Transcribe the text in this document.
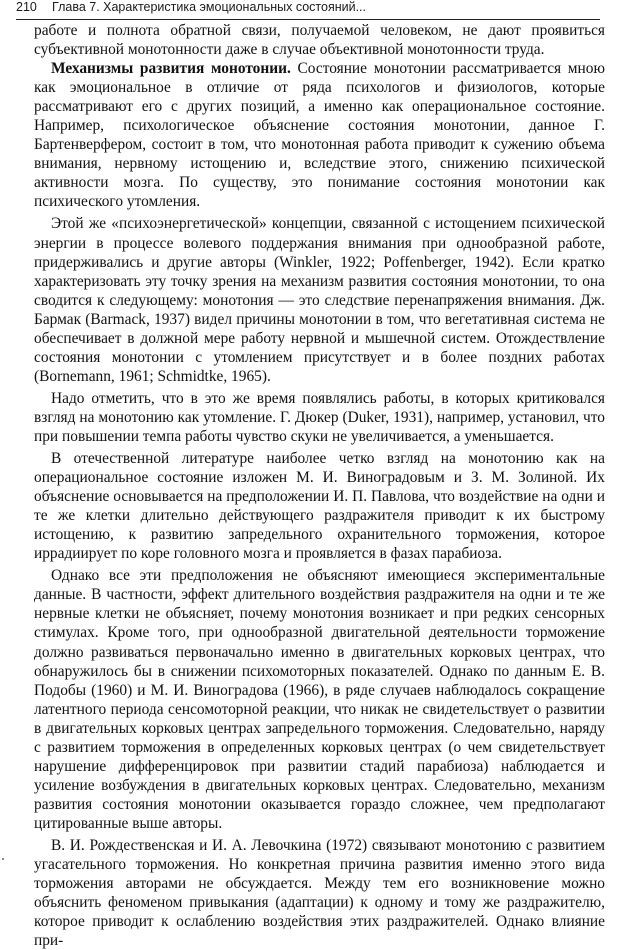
210 Глава 7. Характеристика эмоциональных состояний...

работе и полнота обратной связи, получаемой человеком, не дают проявиться субъективной монотонности даже в случае объективной монотонности труда.

Механизмы развития монотонии. Состояние монотонии рассматривается мною как эмоциональное в отличие от ряда психологов и физиологов, которые рассматривают его с других позиций, а именно как операциональное состояние. Например, психологическое объяснение состояния монотонии, данное Г. Бартенверфером, состоит в том, что монотонная работа приводит к сужению объема внимания, нервному истощению и, вследствие этого, снижению психической активности мозга. По существу, это понимание состояния монотонии как психического утомления.

Этой же «психоэнергетической» концепции, связанной с истощением психической энергии в процессе волевого поддержания внимания при однообразной работе, придерживались и другие авторы (Winkler, 1922; Poffenberger, 1942). Если кратко характеризовать эту точку зрения на механизм развития состояния монотонии, то она сводится к следующему: монотония — это следствие перенапряжения внимания. Дж. Бармак (Barmack, 1937) видел причины монотонии в том, что вегетативная система не обеспечивает в должной мере работу нервной и мышечной систем. Отождествление состояния монотонии с утомлением присутствует и в более поздних работах (Bornemann, 1961; Schmidtke, 1965).

Надо отметить, что в это же время появлялись работы, в которых критиковался взгляд на монотонию как утомление. Г. Дюкер (Duker, 1931), например, установил, что при повышении темпа работы чувство скуки не увеличивается, а уменьшается.

В отечественной литературе наиболее четко взгляд на монотонию как на операциональное состояние изложен М. И. Виноградовым и З. М. Золиной. Их объяснение основывается на предположении И. П. Павлова, что воздействие на одни и те же клетки длительно действующего раздражителя приводит к их быстрому истощению, к развитию запредельного охранительного торможения, которое иррадиирует по коре головного мозга и проявляется в фазах парабиоза.

Однако все эти предположения не объясняют имеющиеся экспериментальные данные. В частности, эффект длительного воздействия раздражителя на одни и те же нервные клетки не объясняет, почему монотония возникает и при редких сенсорных стимулах. Кроме того, при однообразной двигательной деятельности торможение должно развиваться первоначально именно в двигательных корковых центрах, что обнаружилось бы в снижении психомоторных показателей. Однако по данным Е. В. Подобы (1960) и М. И. Виноградова (1966), в ряде случаев наблюдалось сокращение латентного периода сенсомоторной реакции, что никак не свидетельствует о развитии в двигательных корковых центрах запредельного торможения. Следовательно, наряду с развитием торможения в определенных корковых центрах (о чем свидетельствует нарушение дифференцировок при развитии стадий парабиоза) наблюдается и усиление возбуждения в двигательных корковых центрах. Следовательно, механизм развития состояния монотонии оказывается гораздо сложнее, чем предполагают цитированные выше авторы.

В. И. Рождественская и И. А. Левочкина (1972) связывают монотонию с развитием угасательного торможения. Но конкретная причина развития именно этого вида торможения авторами не обсуждается. Между тем его возникновение можно объяснить феноменом привыкания (адаптации) к одному и тому же раздражителю, которое приводит к ослаблению воздействия этих раздражителей. Однако влияние при-
